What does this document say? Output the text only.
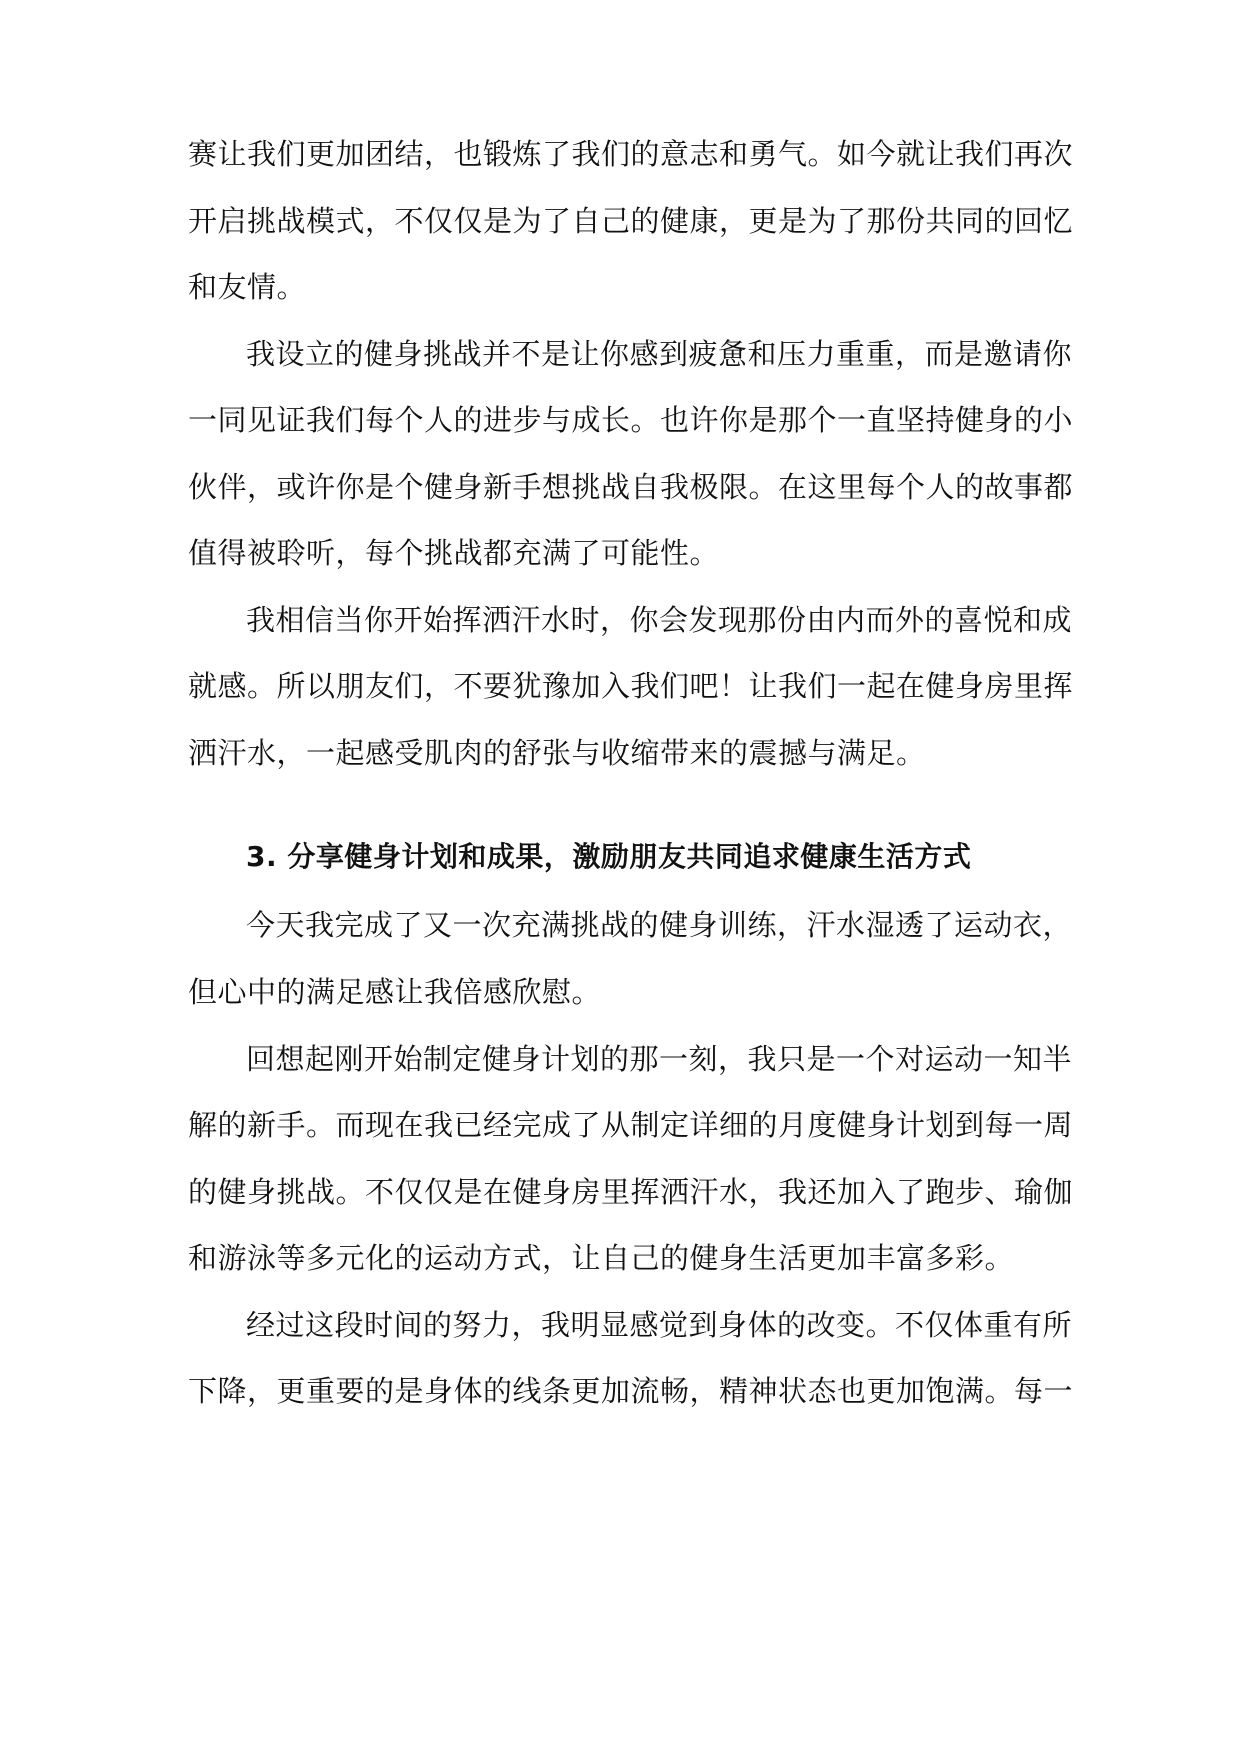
赛让我们更加团结，也锻炼了我们的意志和勇气。如今就让我们再次
开启挑战模式，不仅仅是为了自己的健康，更是为了那份共同的回忆
和友情。
我设立的健身挑战并不是让你感到疲惫和压力重重，而是邀请你
一同见证我们每个人的进步与成长。也许你是那个一直坚持健身的小
伙伴，或许你是个健身新手想挑战自我极限。在这里每个人的故事都
值得被聆听，每个挑战都充满了可能性。
我相信当你开始挥洒汗水时，你会发现那份由内而外的喜悦和成
就感。所以朋友们，不要犹豫加入我们吧！让我们一起在健身房里挥
洒汗水，一起感受肌肉的舒张与收缩带来的震撼与满足。
3. 分享健身计划和成果，激励朋友共同追求健康生活方式
今天我完成了又一次充满挑战的健身训练，汗水湿透了运动衣，
但心中的满足感让我倍感欣慰。
回想起刚开始制定健身计划的那一刻，我只是一个对运动一知半
解的新手。而现在我已经完成了从制定详细的月度健身计划到每一周
的健身挑战。不仅仅是在健身房里挥洒汗水，我还加入了跑步、瑜伽
和游泳等多元化的运动方式，让自己的健身生活更加丰富多彩。
经过这段时间的努力，我明显感觉到身体的改变。不仅体重有所
下降，更重要的是身体的线条更加流畅，精神状态也更加饱满。每一
